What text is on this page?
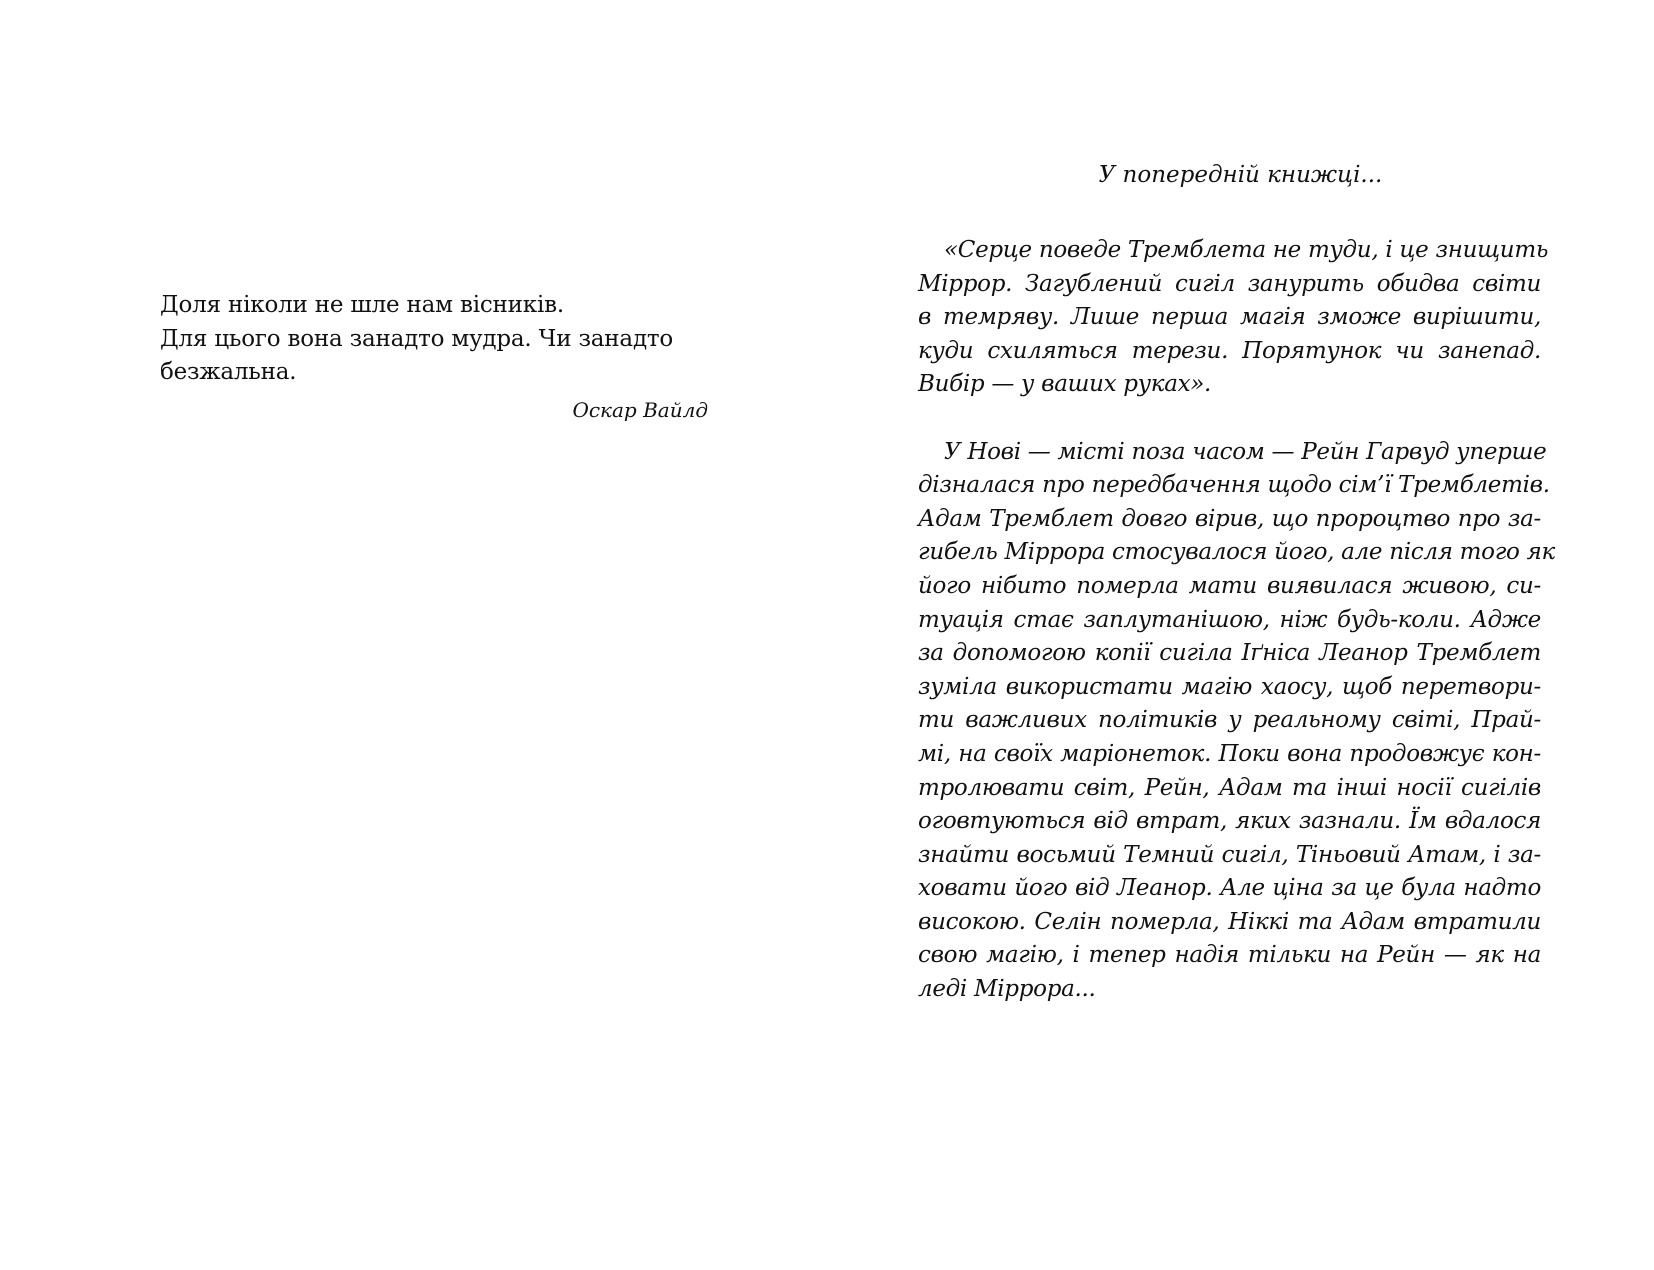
Доля ніколи не шле нам вісників.
Для цього вона занадто мудра. Чи занадто
безжальна.
Оскар Вайлд
У попередній книжці...

«Серце поведе Тремблета не туди, і це знищить
Міррор. Загублений сигіл занурить обидва світи
в темряву. Лише перша магія зможе вирішити,
куди схиляться терези. Порятунок чи занепад.
Вибір — у ваших руках».

У Нові — місті поза часом — Рейн Гарвуд уперше
дізналася про передбачення щодо сім’ї Тремблетів.
Адам Тремблет довго вірив, що пророцтво про за-
гибель Міррора стосувалося його, але після того як
його нібито померла мати виявилася живою, си-
туація стає заплутанішою, ніж будь-коли. Адже
за допомогою копії сигіла Іґніса Леанор Тремблет
зуміла використати магію хаосу, щоб перетвори-
ти важливих політиків у реальному світі, Прай-
мі, на своїх маріонеток. Поки вона продовжує кон-
тролювати світ, Рейн, Адам та інші носії сигілів
оговтуються від втрат, яких зазнали. Їм вдалося
знайти восьмий Темний сигіл, Тіньовий Атам, і за-
ховати його від Леанор. Але ціна за це була надто
високою. Селін померла, Ніккі та Адам втратили
свою магію, і тепер надія тільки на Рейн — як на
леді Міррора...
